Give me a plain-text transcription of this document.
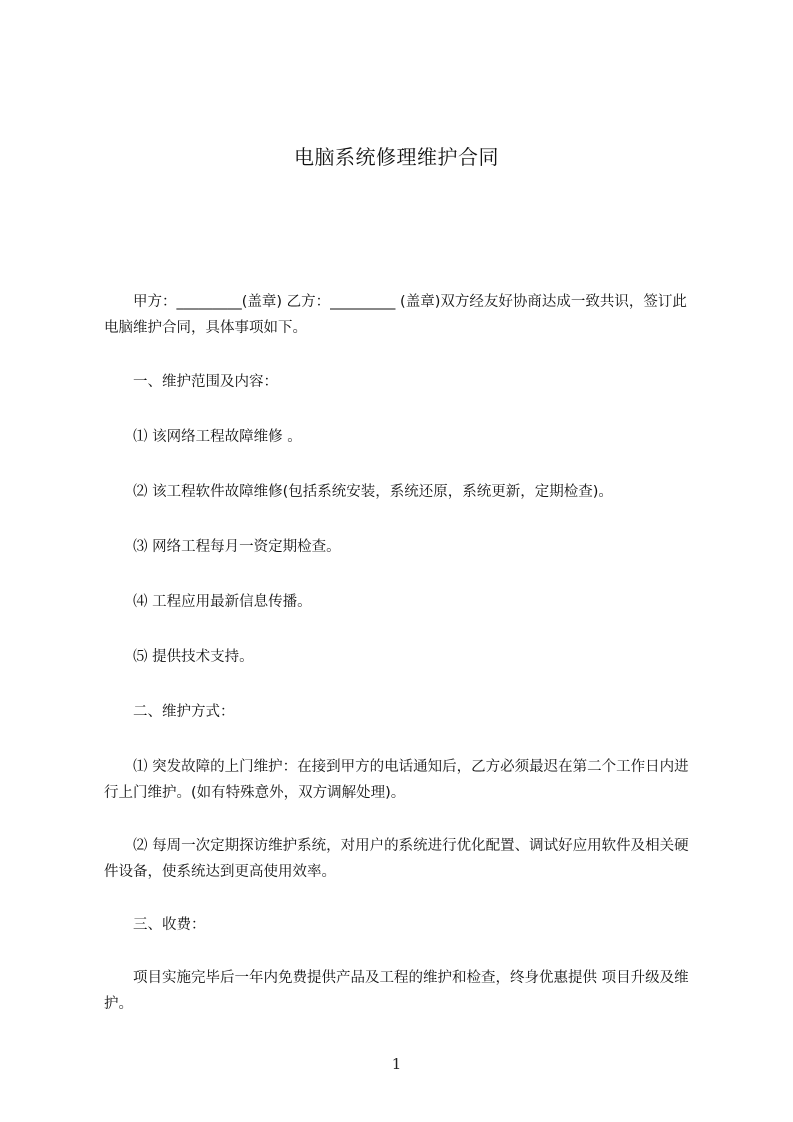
电脑系统修理维护合同

甲方：_________(盖章) 乙方：_________ (盖章)双方经友好协商达成一致共识，签订此电脑维护合同，具体事项如下。

一、维护范围及内容：

⑴ 该网络工程故障维修 。

⑵ 该工程软件故障维修(包括系统安装，系统还原，系统更新，定期检查)。

⑶ 网络工程每月一资定期检查。

⑷ 工程应用最新信息传播。

⑸ 提供技术支持。

二、维护方式：

⑴ 突发故障的上门维护：在接到甲方的电话通知后，乙方必须最迟在第二个工作日内进行上门维护。(如有特殊意外，双方调解处理)。

⑵ 每周一次定期探访维护系统，对用户的系统进行优化配置、调试好应用软件及相关硬件设备，使系统达到更高使用效率。

三、收费：

项目实施完毕后一年内免费提供产品及工程的维护和检查，终身优惠提供 项目升级及维护。

1
